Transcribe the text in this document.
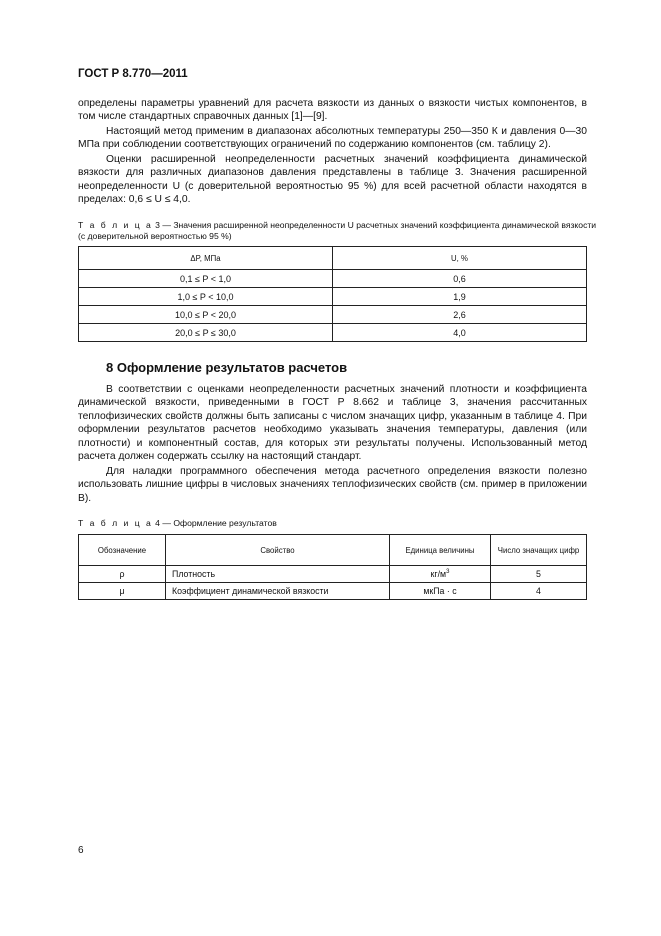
ГОСТ Р 8.770—2011

определены параметры уравнений для расчета вязкости из данных о вязкости чистых компонентов, в том числе стандартных справочных данных [1]—[9].

Настоящий метод применим в диапазонах абсолютных температуры 250—350 К и давления 0—30 МПа при соблюдении соответствующих ограничений по содержанию компонентов (см. таблицу 2).

Оценки расширенной неопределенности расчетных значений коэффициента динамической вязкости для различных диапазонов давления представлены в таблице 3. Значения расширенной неопределенности U (с доверительной вероятностью 95 %) для всей расчетной области находятся в пределах: 0,6 ≤ U ≤ 4,0.

Т а б л и ц а 3 — Значения расширенной неопределенности U расчетных значений коэффициента динамической вязкости (с доверительной вероятностью 95 %)

ΔP, МПа	U, %
0,1 ≤ P < 1,0	0,6
1,0 ≤ P < 10,0	1,9
10,0 ≤ P < 20,0	2,6
20,0 ≤ P ≤ 30,0	4,0
8 Оформление результатов расчетов

В соответствии с оценками неопределенности расчетных значений плотности и коэффициента динамической вязкости, приведенными в ГОСТ Р 8.662 и таблице 3, значения рассчитанных теплофизических свойств должны быть записаны с числом значащих цифр, указанным в таблице 4. При оформлении результатов расчетов необходимо указывать значения температуры, давления (или плотности) и компонентный состав, для которых эти результаты получены. Использованный метод расчета должен содержать ссылку на настоящий стандарт.

Для наладки программного обеспечения метода расчетного определения вязкости полезно использовать лишние цифры в числовых значениях теплофизических свойств (см. пример в приложении В).

Т а б л и ц а 4 — Оформление результатов

Обозначение	Свойство	Единица величины	Число значащих цифр
ρ	Плотность	$кг/м^3$	5
μ	Коэффициент динамической вязкости	мкПа · с	4
6
